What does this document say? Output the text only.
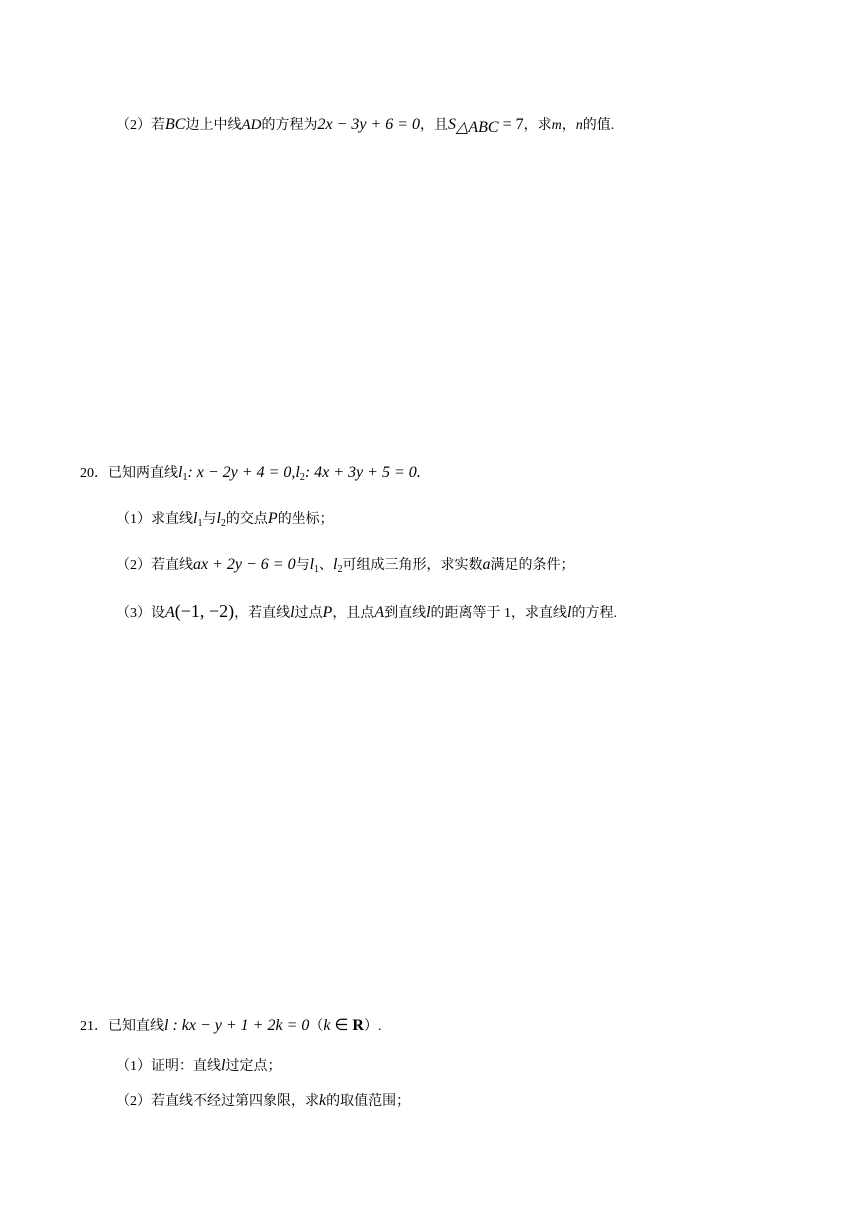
（2）若BC边上中线AD的方程为2x − 3y + 6 = 0，且$S_{\triangle ABC} = 7$，求m，n的值.
20．已知两直线$l_1$: $x - 2y + 4 = 0,l_2$: 4x + 3y + 5 = 0.
（1）求直线$l_1$与$l_2$的交点P的坐标；
（2）若直线ax + 2y − 6 = 0与$l_1$、$l_2$可组成三角形，求实数a满足的条件；
（3）设A(−1, −2)，若直线l过点P，且点A到直线l的距离等于 1，求直线l的方程.
21．已知直线l : kx − y + 1 + 2k = 0（k ∈ R）.
（1）证明：直线l过定点；
（2）若直线不经过第四象限，求k的取值范围；
